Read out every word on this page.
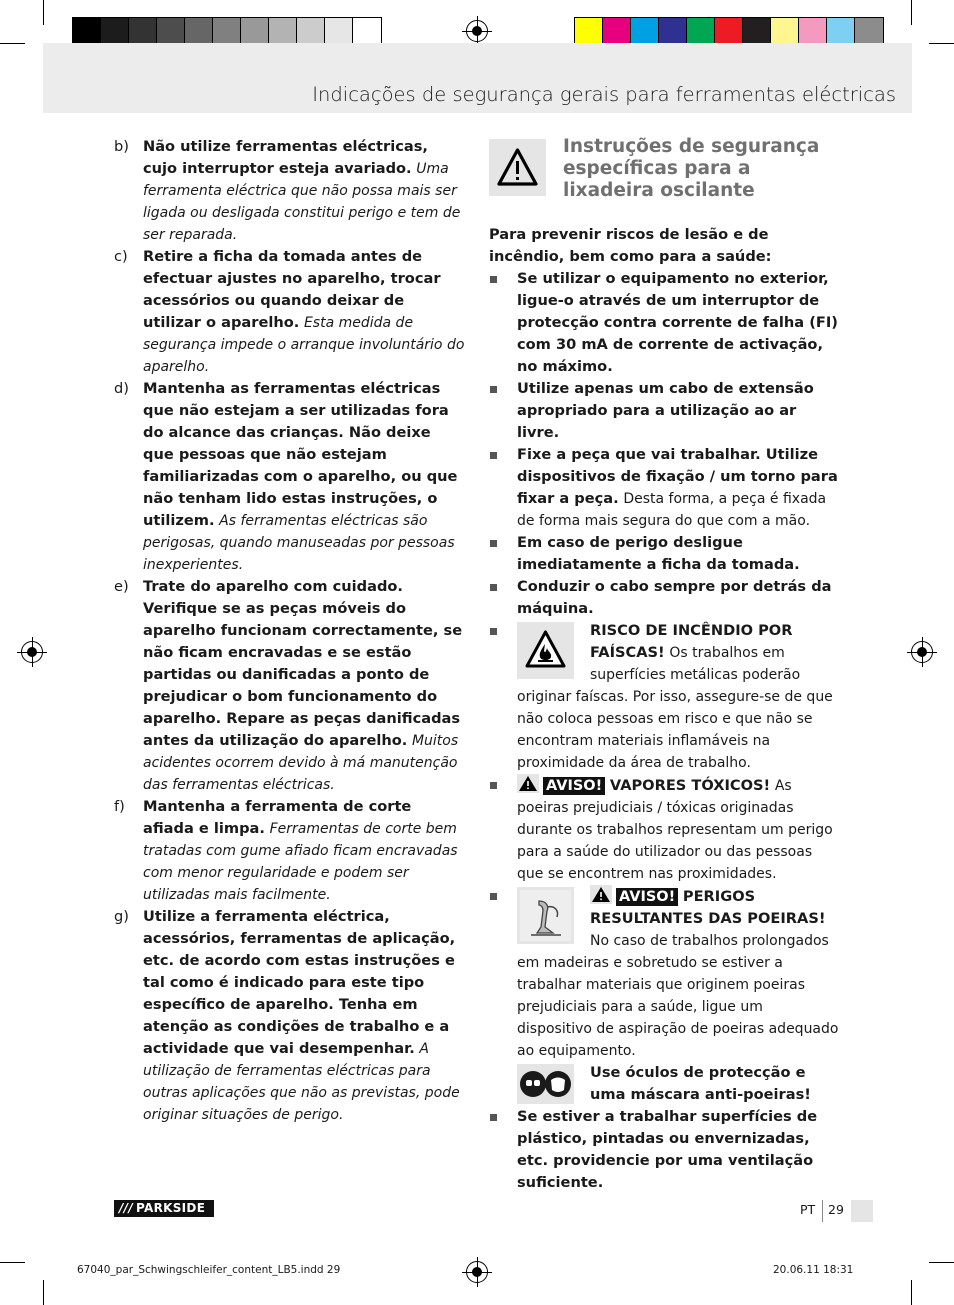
Indicações de segurança gerais para ferramentas eléctricas
b) Não utilize ferramentas eléctricas, cujo interruptor esteja avariado. Uma ferramenta eléctrica que não possa mais ser ligada ou desligada constitui perigo e tem de ser reparada.
c) Retire a ficha da tomada antes de efectuar ajustes no aparelho, trocar acessórios ou quando deixar de utilizar o aparelho. Esta medida de segurança impede o arranque involuntário do aparelho.
d) Mantenha as ferramentas eléctricas que não estejam a ser utilizadas fora do alcance das crianças. Não deixe que pessoas que não estejam familiarizadas com o aparelho, ou que não tenham lido estas instruções, o utilizem. As ferramentas eléctricas são perigosas, quando manuseadas por pessoas inexperientes.
e) Trate do aparelho com cuidado. Verifique se as peças móveis do aparelho funcionam correctamente, se não ficam encravadas e se estão partidas ou danificadas a ponto de prejudicar o bom funcionamento do aparelho. Repare as peças danificadas antes da utilização do aparelho. Muitos acidentes ocorrem devido à má manutenção das ferramentas eléctricas.
f) Mantenha a ferramenta de corte afiada e limpa. Ferramentas de corte bem tratadas com gume afiado ficam encravadas com menor regularidade e podem ser utilizadas mais facilmente.
g) Utilize a ferramenta eléctrica, acessórios, ferramentas de aplicação, etc. de acordo com estas instruções e tal como é indicado para este tipo específico de aparelho. Tenha em atenção as condições de trabalho e a actividade que vai desempenhar. A utilização de ferramentas eléctricas para outras aplicações que não as previstas, pode originar situações de perigo.
Instruções de segurança específicas para a lixadeira oscilante
Para prevenir riscos de lesão e de incêndio, bem como para a saúde:
Se utilizar o equipamento no exterior, ligue-o através de um interruptor de protecção contra corrente de falha (FI) com 30 mA de corrente de activação, no máximo.
Utilize apenas um cabo de extensão apropriado para a utilização ao ar livre.
Fixe a peça que vai trabalhar. Utilize dispositivos de fixação / um torno para fixar a peça. Desta forma, a peça é fixada de forma mais segura do que com a mão.
Em caso de perigo desligue imediatamente a ficha da tomada.
Conduzir o cabo sempre por detrás da máquina.
RISCO DE INCÊNDIO POR FAÍSCAS! Os trabalhos em superfícies metálicas poderão originar faíscas. Por isso, assegure-se de que não coloca pessoas em risco e que não se encontram materiais inflamáveis na proximidade da área de trabalho.
AVISO! VAPORES TÓXICOS! As poeiras prejudiciais / tóxicas originadas durante os trabalhos representam um perigo para a saúde do utilizador ou das pessoas que se encontrem nas proximidades.
AVISO! PERIGOS RESULTANTES DAS POEIRAS! No caso de trabalhos prolongados em madeiras e sobretudo se estiver a trabalhar materiais que originem poeiras prejudiciais para a saúde, ligue um dispositivo de aspiração de poeiras adequado ao equipamento.
Use óculos de protecção e uma máscara anti-poeiras!
Se estiver a trabalhar superfícies de plástico, pintadas ou envernizadas, etc. providencie por uma ventilação suficiente.
/// PARKSIDE	PT 29
67040_par_Schwingschleifer_content_LB5.indd 29	20.06.11 18:31
